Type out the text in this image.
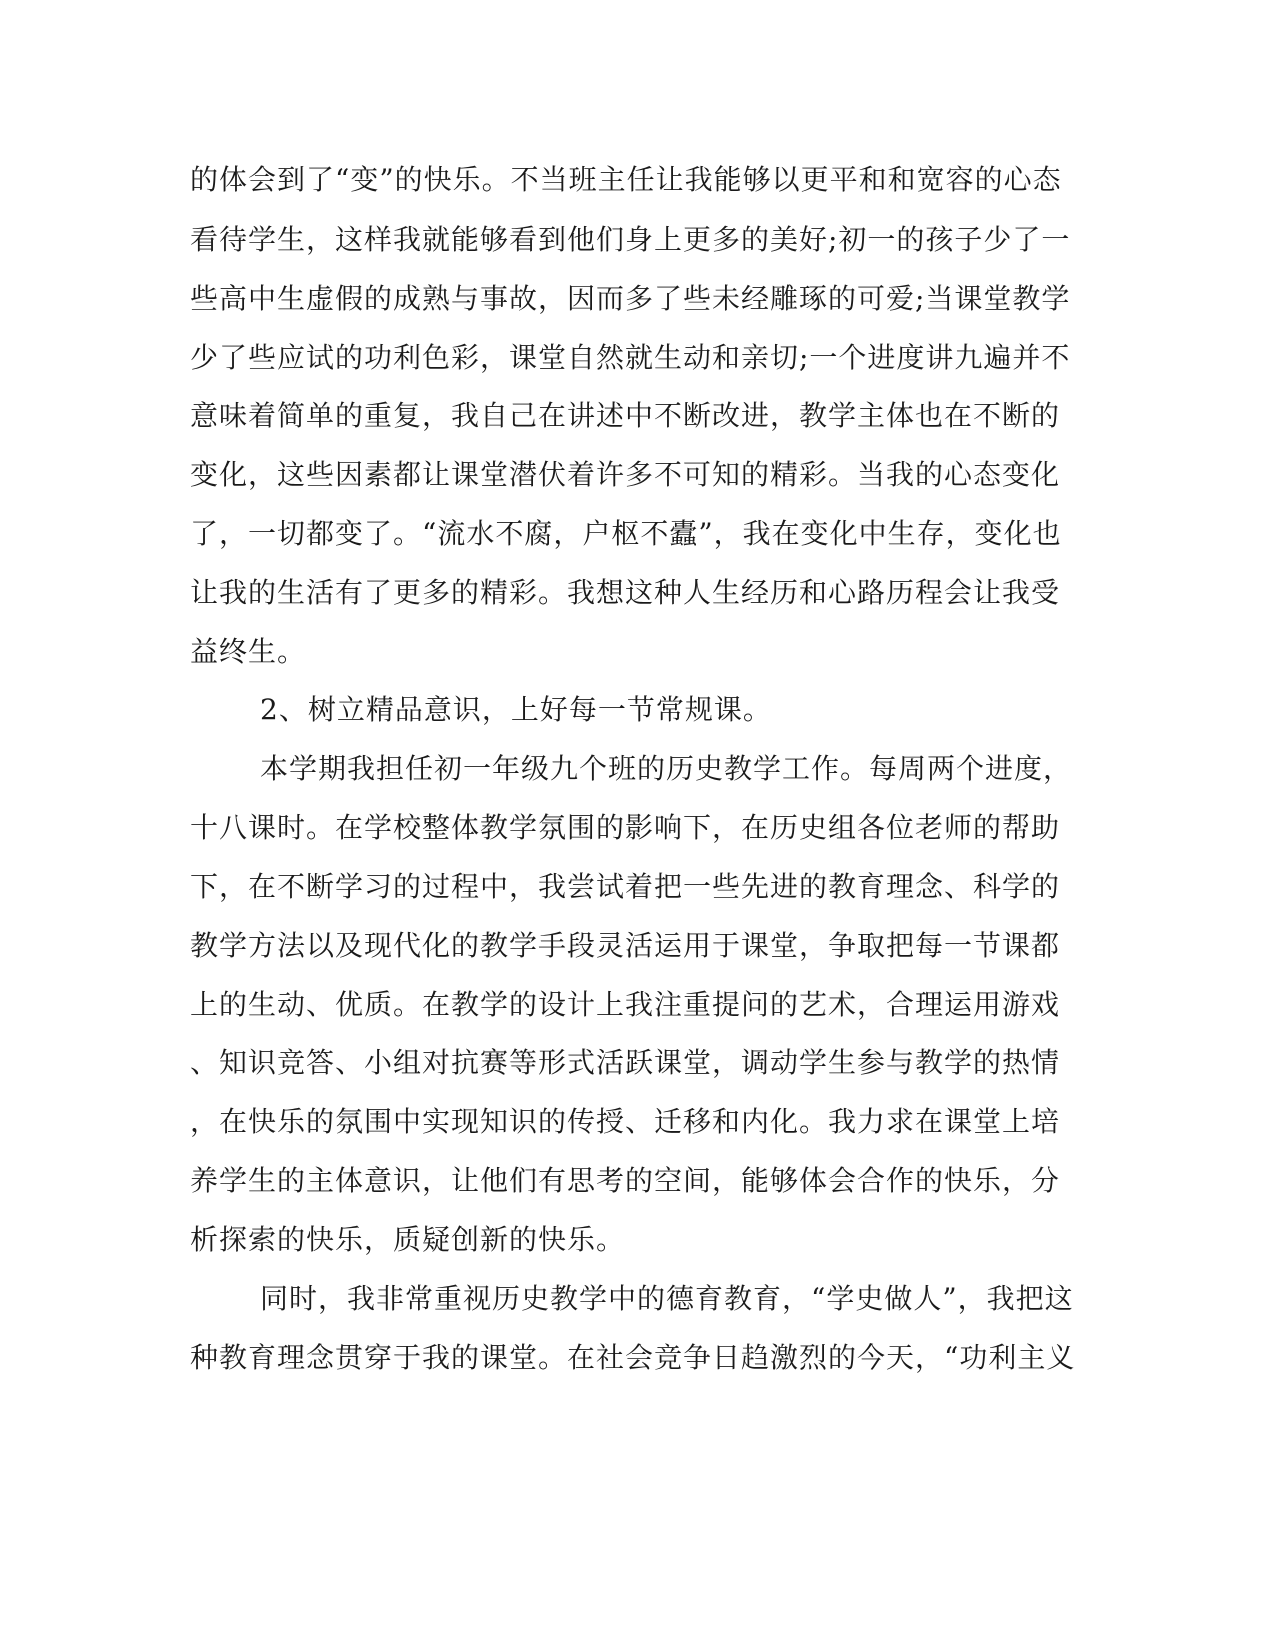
的体会到了“变”的快乐。不当班主任让我能够以更平和和宽容的心态
看待学生，这样我就能够看到他们身上更多的美好;初一的孩子少了一
些高中生虚假的成熟与事故，因而多了些未经雕琢的可爱;当课堂教学
少了些应试的功利色彩，课堂自然就生动和亲切;一个进度讲九遍并不
意味着简单的重复，我自己在讲述中不断改进，教学主体也在不断的
变化，这些因素都让课堂潜伏着许多不可知的精彩。当我的心态变化
了，一切都变了。“流水不腐，户枢不蠹”，我在变化中生存，变化也
让我的生活有了更多的精彩。我想这种人生经历和心路历程会让我受
益终生。
2、树立精品意识，上好每一节常规课。
本学期我担任初一年级九个班的历史教学工作。每周两个进度，
十八课时。在学校整体教学氛围的影响下，在历史组各位老师的帮助
下，在不断学习的过程中，我尝试着把一些先进的教育理念、科学的
教学方法以及现代化的教学手段灵活运用于课堂，争取把每一节课都
上的生动、优质。在教学的设计上我注重提问的艺术，合理运用游戏
、知识竞答、小组对抗赛等形式活跃课堂，调动学生参与教学的热情
，在快乐的氛围中实现知识的传授、迁移和内化。我力求在课堂上培
养学生的主体意识，让他们有思考的空间，能够体会合作的快乐，分
析探索的快乐，质疑创新的快乐。
同时，我非常重视历史教学中的德育教育，“学史做人”，我把这
种教育理念贯穿于我的课堂。在社会竞争日趋激烈的今天，“功利主义
